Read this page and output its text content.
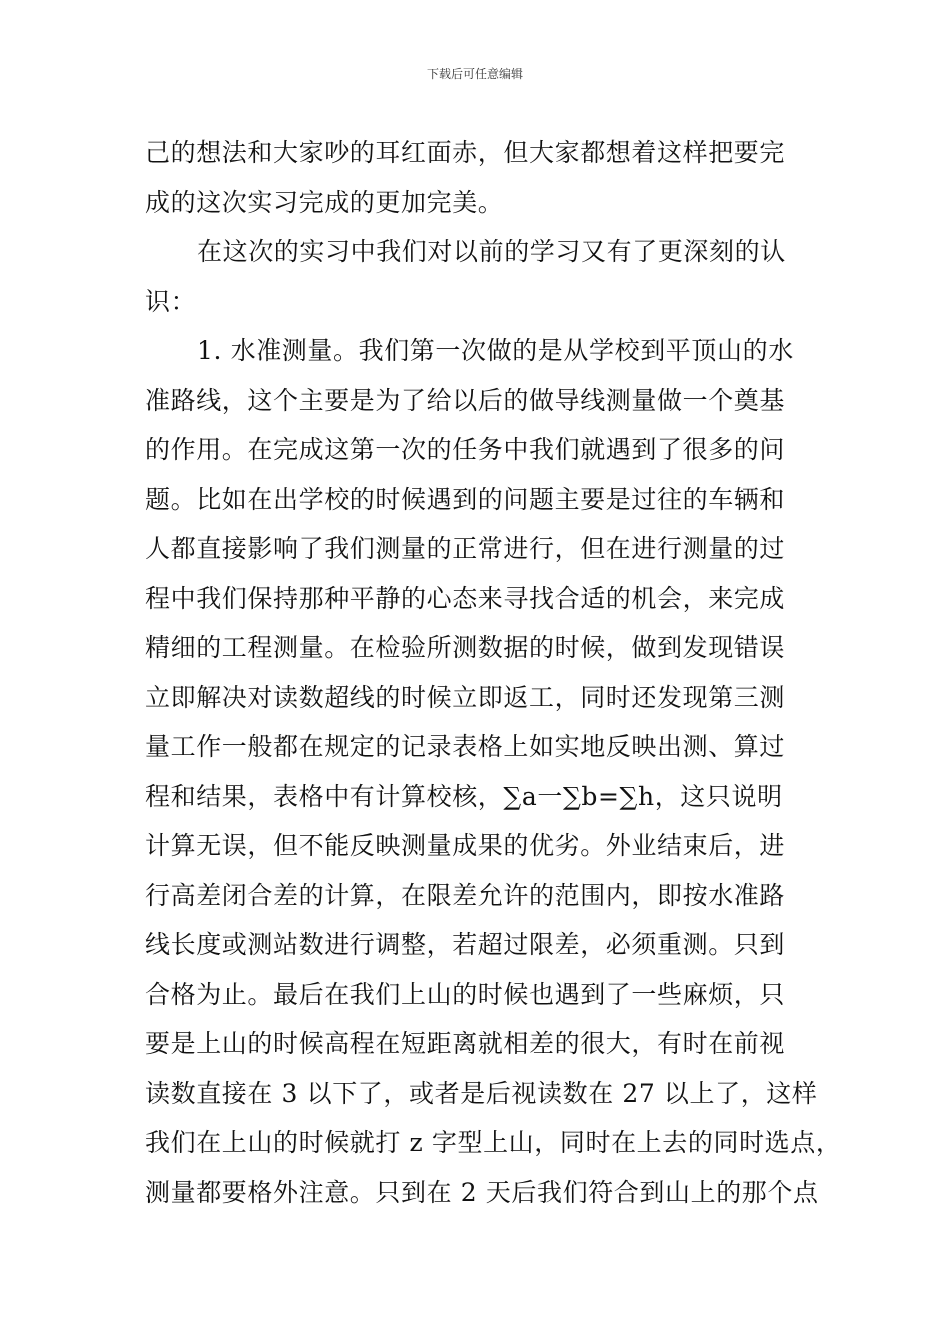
下载后可任意编辑
己的想法和大家吵的耳红面赤，但大家都想着这样把要完
成的这次实习完成的更加完美。
在这次的实习中我们对以前的学习又有了更深刻的认
识：
1. 水准测量。我们第一次做的是从学校到平顶山的水
准路线，这个主要是为了给以后的做导线测量做一个奠基
的作用。在完成这第一次的任务中我们就遇到了很多的问
题。比如在出学校的时候遇到的问题主要是过往的车辆和
人都直接影响了我们测量的正常进行，但在进行测量的过
程中我们保持那种平静的心态来寻找合适的机会，来完成
精细的工程测量。在检验所测数据的时候，做到发现错误
立即解决对读数超线的时候立即返工，同时还发现第三测
量工作一般都在规定的记录表格上如实地反映出测、算过
程和结果，表格中有计算校核，∑a一∑b=∑h，这只说明
计算无误，但不能反映测量成果的优劣。外业结束后，进
行高差闭合差的计算，在限差允许的范围内，即按水准路
线长度或测站数进行调整，若超过限差，必须重测。只到
合格为止。最后在我们上山的时候也遇到了一些麻烦，只
要是上山的时候高程在短距离就相差的很大，有时在前视
读数直接在 3 以下了，或者是后视读数在 27 以上了，这样
我们在上山的时候就打 z 字型上山，同时在上去的同时选点，
测量都要格外注意。只到在 2 天后我们符合到山上的那个点
